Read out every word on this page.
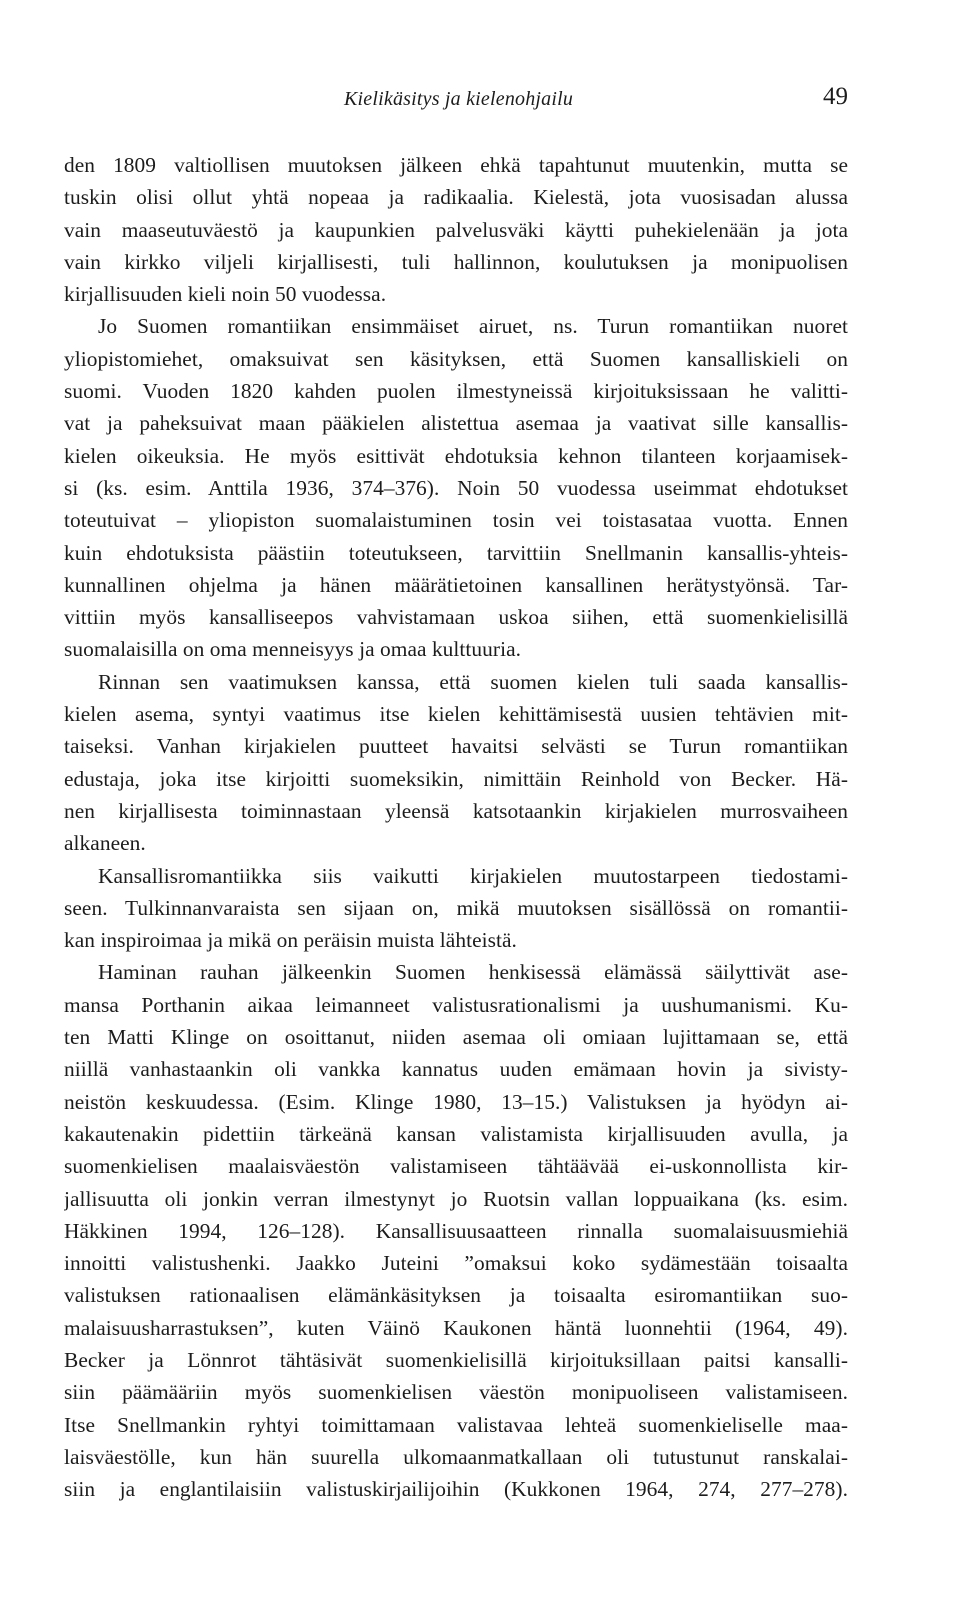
Kielikäsitys ja kielenohjailu	49
den 1809 valtiollisen muutoksen jälkeen ehkä tapahtunut muutenkin, mutta se
tuskin olisi ollut yhtä nopeaa ja radikaalia. Kielestä, jota vuosisadan alussa
vain maaseutuväestö ja kaupunkien palvelusväki käytti puhekielenään ja jota
vain kirkko viljeli kirjallisesti, tuli hallinnon, koulutuksen ja monipuolisen
kirjallisuuden kieli noin 50 vuodessa.
Jo Suomen romantiikan ensimmäiset airuet, ns. Turun romantiikan nuoret
yliopistomiehet, omaksuivat sen käsityksen, että Suomen kansalliskieli on
suomi. Vuoden 1820 kahden puolen ilmestyneissä kirjoituksissaan he valitti-
vat ja paheksuivat maan pääkielen alistettua asemaa ja vaativat sille kansallis-
kielen oikeuksia. He myös esittivät ehdotuksia kehnon tilanteen korjaamisek-
si (ks. esim. Anttila 1936, 374–376). Noin 50 vuodessa useimmat ehdotukset
toteutuivat – yliopiston suomalaistuminen tosin vei toistasataa vuotta. Ennen
kuin ehdotuksista päästiin toteutukseen, tarvittiin Snellmanin kansallis-yhteis-
kunnallinen ohjelma ja hänen määrätietoinen kansallinen herätystyönsä. Tar-
vittiin myös kansalliseepos vahvistamaan uskoa siihen, että suomenkielisillä
suomalaisilla on oma menneisyys ja omaa kulttuuria.
Rinnan sen vaatimuksen kanssa, että suomen kielen tuli saada kansallis-
kielen asema, syntyi vaatimus itse kielen kehittämisestä uusien tehtävien mit-
taiseksi. Vanhan kirjakielen puutteet havaitsi selvästi se Turun romantiikan
edustaja, joka itse kirjoitti suomeksikin, nimittäin Reinhold von Becker. Hä-
nen kirjallisesta toiminnastaan yleensä katsotaankin kirjakielen murrosvaiheen
alkaneen.
Kansallisromantiikka siis vaikutti kirjakielen muutostarpeen tiedostami-
seen. Tulkinnanvaraista sen sijaan on, mikä muutoksen sisällössä on romantii-
kan inspiroimaa ja mikä on peräisin muista lähteistä.
Haminan rauhan jälkeenkin Suomen henkisessä elämässä säilyttivät ase-
mansa Porthanin aikaa leimanneet valistusrationalismi ja uushumanismi. Ku-
ten Matti Klinge on osoittanut, niiden asemaa oli omiaan lujittamaan se, että
niillä vanhastaankin oli vankka kannatus uuden emämaan hovin ja sivisty-
neistön keskuudessa. (Esim. Klinge 1980, 13–15.) Valistuksen ja hyödyn ai-
kakautenakin pidettiin tärkeänä kansan valistamista kirjallisuuden avulla, ja
suomenkielisen maalaisväestön valistamiseen tähtäävää ei-uskonnollista kir-
jallisuutta oli jonkin verran ilmestynyt jo Ruotsin vallan loppuaikana (ks. esim.
Häkkinen 1994, 126–128). Kansallisuusaatteen rinnalla suomalaisuusmiehiä
innoitti valistushenki. Jaakko Juteini ”omaksui koko sydämestään toisaalta
valistuksen rationaalisen elämänkäsityksen ja toisaalta esiromantiikan suo-
malaisuusharrastuksen”, kuten Väinö Kaukonen häntä luonnehtii (1964, 49).
Becker ja Lönnrot tähtäsivät suomenkielisillä kirjoituksillaan paitsi kansalli-
siin päämääriin myös suomenkielisen väestön monipuoliseen valistamiseen.
Itse Snellmankin ryhtyi toimittamaan valistavaa lehteä suomenkieliselle maa-
laisväestölle, kun hän suurella ulkomaanmatkallaan oli tutustunut ranskalai-
siin ja englantilaisiin valistuskirjailijoihin (Kukkonen 1964, 274, 277–278).
